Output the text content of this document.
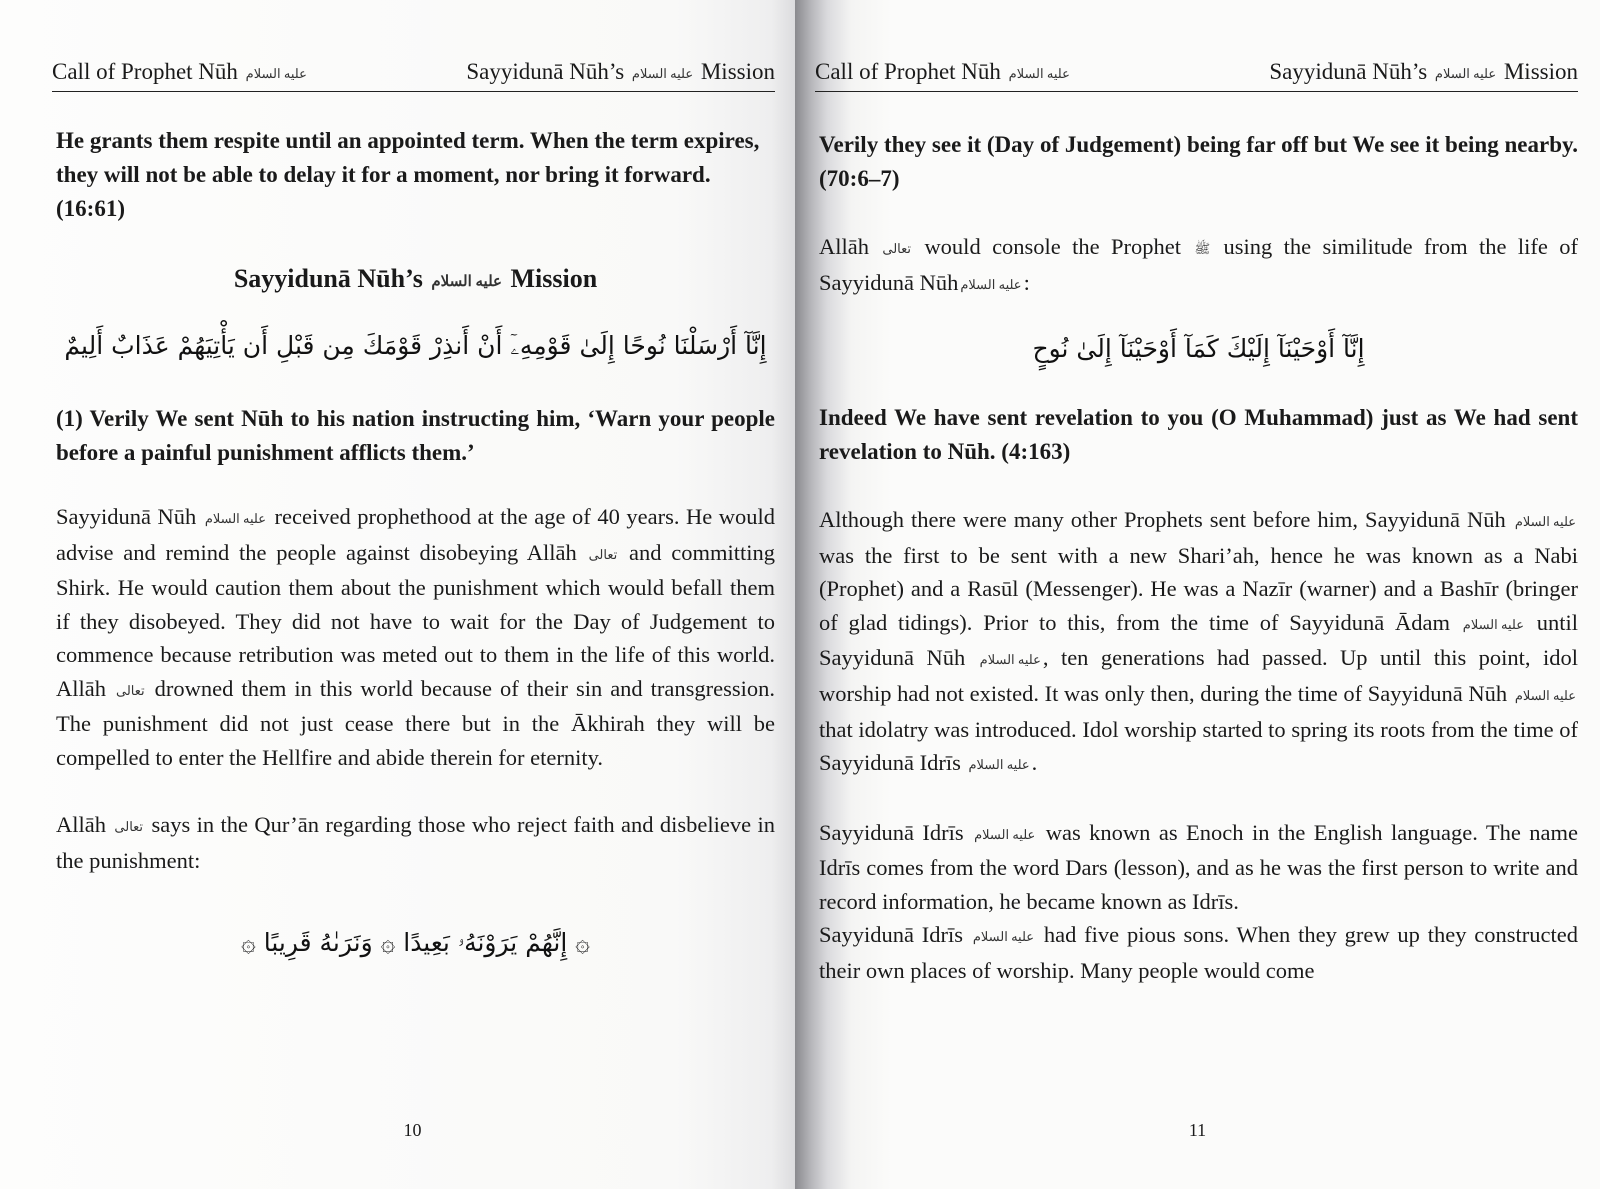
Call of Prophet Nūh عليه السلام	Sayyidunā Nūh’s عليه السلام Mission

He grants them respite until an appointed term. When the term expires, they will not be able to delay it for a moment, nor bring it forward. (16:61)

Sayyidunā Nūh’s عليه السلام Mission

إِنَّآ أَرْسَلْنَا نُوحًا إِلَىٰ قَوْمِهِۦٓ أَنْ أَنذِرْ قَوْمَكَ مِن قَبْلِ أَن يَأْتِيَهُمْ عَذَابٌ أَلِيمٌ

(1) Verily We sent Nūh to his nation instructing him, ‘Warn your people before a painful punishment afflicts them.’

Sayyidunā Nūh عليه السلام received prophethood at the age of 40 years. He would advise and remind the people against disobeying Allāh تعالى and committing Shirk. He would caution them about the punishment which would befall them if they disobeyed. They did not have to wait for the Day of Judgement to commence because retribution was meted out to them in the life of this world. Allāh تعالى drowned them in this world because of their sin and transgression. The punishment did not just cease there but in the Ākhirah they will be compelled to enter the Hellfire and abide therein for eternity.

Allāh تعالى says in the Qur’ān regarding those who reject faith and disbelieve in the punishment:

۞ إِنَّهُمْ يَرَوْنَهُۥ بَعِيدًا ۞ وَنَرَىٰهُ قَرِيبًا ۞

10
Call of Prophet Nūh عليه السلام	Sayyidunā Nūh’s عليه السلام Mission

Verily they see it (Day of Judgement) being far off but We see it being nearby. (70:6–7)

Allāh تعالى would console the Prophet ﷺ using the similitude from the life of Sayyidunā Nūh عليه السلام:

إِنَّآ أَوْحَيْنَآ إِلَيْكَ كَمَآ أَوْحَيْنَآ إِلَىٰ نُوحٍ

Indeed We have sent revelation to you (O Muhammad) just as We had sent revelation to Nūh. (4:163)

Although there were many other Prophets sent before him, Sayyidunā Nūh عليه السلام was the first to be sent with a new Shari’ah, hence he was known as a Nabi (Prophet) and a Rasūl (Messenger). He was a Nazīr (warner) and a Bashīr (bringer of glad tidings). Prior to this, from the time of Sayyidunā Ādam عليه السلام until Sayyidunā Nūh عليه السلام, ten generations had passed. Up until this point, idol worship had not existed. It was only then, during the time of Sayyidunā Nūh عليه السلام that idolatry was introduced. Idol worship started to spring its roots from the time of Sayyidunā Idrīs عليه السلام.

Sayyidunā Idrīs عليه السلام was known as Enoch in the English language. The name Idrīs comes from the word Dars (lesson), and as he was the first person to write and record information, he became known as Idrīs.

Sayyidunā Idrīs عليه السلام had five pious sons. When they grew up they constructed their own places of worship. Many people would come

11
